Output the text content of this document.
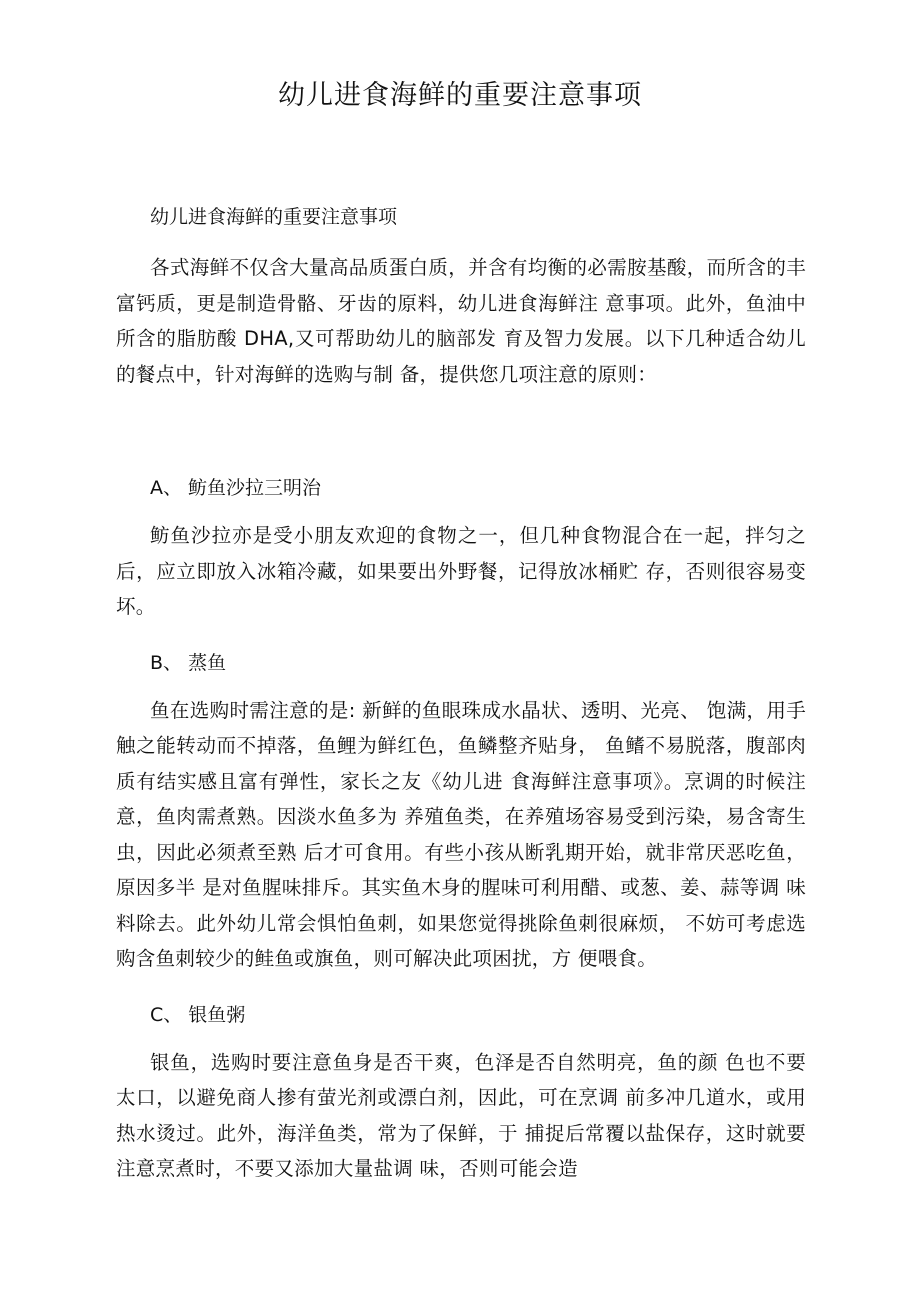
幼儿进食海鲜的重要注意事项

幼儿进食海鲜的重要注意事项

各式海鲜不仅含大量高品质蛋白质，并含有均衡的必需胺基酸，而所含的丰富钙质，更是制造骨骼、牙齿的原料，幼儿进食海鲜注 意事项。此外，鱼油中所含的脂肪酸 DHA,又可帮助幼儿的脑部发 育及智力发展。以下几种适合幼儿的餐点中，针对海鲜的选购与制 备，提供您几项注意的原则：

A、 鲂鱼沙拉三明治

鲂鱼沙拉亦是受小朋友欢迎的食物之一，但几种食物混合在一起，拌匀之后，应立即放入冰箱冷藏，如果要出外野餐，记得放冰桶贮 存，否则很容易变坏。

B、 蒸鱼

鱼在选购时需注意的是: 新鲜的鱼眼珠成水晶状、透明、光亮、 饱满，用手触之能转动而不掉落，鱼鲤为鲜红色，鱼鳞整齐贴身， 鱼鳍不易脱落，腹部肉质有结实感且富有弹性，家长之友《幼儿进 食海鲜注意事项》。烹调的时候注意，鱼肉需煮熟。因淡水鱼多为 养殖鱼类，在养殖场容易受到污染，易含寄生虫，因此必须煮至熟 后才可食用。有些小孩从断乳期开始，就非常厌恶吃鱼，原因多半 是对鱼腥味排斥。其实鱼木身的腥味可利用醋、或葱、姜、蒜等调 味料除去。此外幼儿常会惧怕鱼刺，如果您觉得挑除鱼刺很麻烦， 不妨可考虑选购含鱼刺较少的鲑鱼或旗鱼，则可解决此项困扰，方 便喂食。

C、 银鱼粥

银鱼，选购时要注意鱼身是否干爽，色泽是否自然明亮，鱼的颜 色也不要太口，以避免商人掺有萤光剂或漂白剂，因此，可在烹调 前多冲几道水，或用热水烫过。此外，海洋鱼类，常为了保鲜，于 捕捉后常覆以盐保存，这时就要注意烹煮时，不要又添加大量盐调 味，否则可能会造
